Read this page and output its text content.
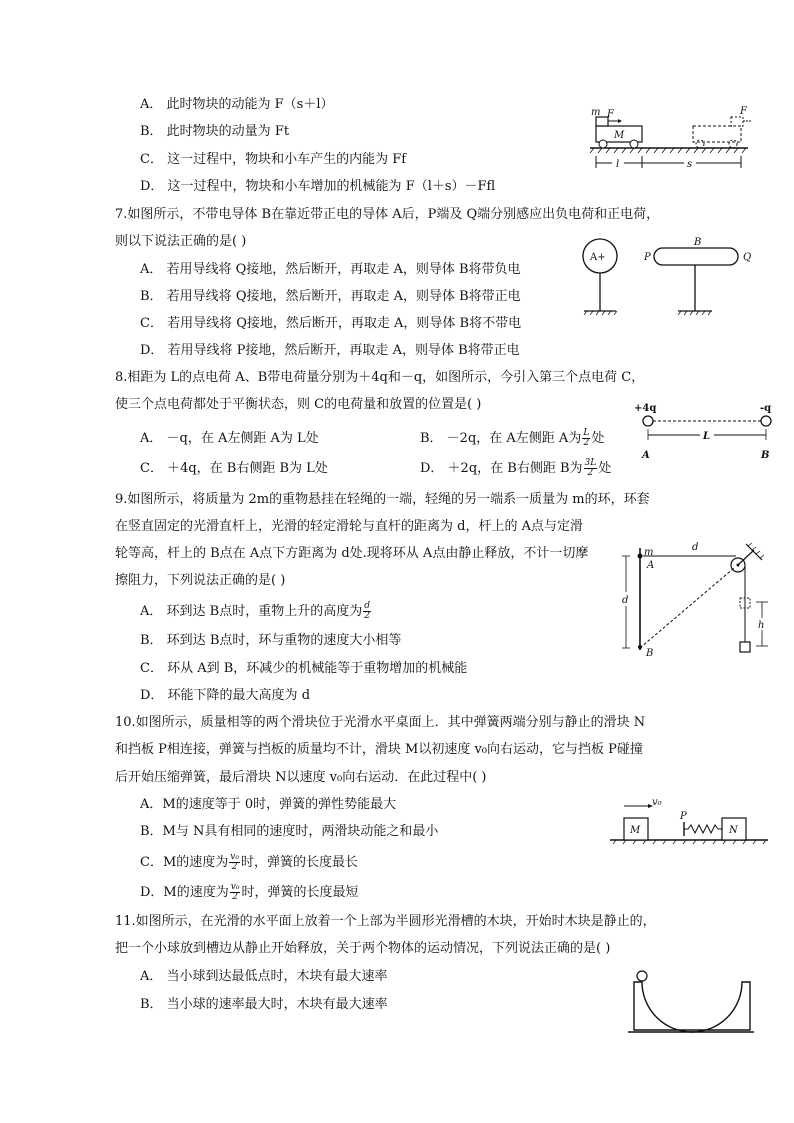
A． 此时物块的动能为 F（s＋l）
B． 此时物块的动量为 Ft
C． 这一过程中，物块和小车产生的内能为 Ff
D． 这一过程中，物块和小车增加的机械能为 F（l＋s）－Ffl
m F
M
F
l	s
7.如图所示，不带电导体 B在靠近带正电的导体 A后，P端及 Q端分别感应出负电荷和正电荷，
则以下说法正确的是( )
A． 若用导线将 Q接地，然后断开，再取走 A，则导体 B将带负电
B． 若用导线将 Q接地，然后断开，再取走 A，则导体 B将带正电
C． 若用导线将 Q接地，然后断开，再取走 A，则导体 B将不带电
D． 若用导线将 P接地，然后断开，再取走 A，则导体 B将带正电
A+	P
B
Q
8.相距为 L的点电荷 A、B带电荷量分别为＋4q和－q，如图所示，今引入第三个点电荷 C，
使三个点电荷都处于平衡状态，则 C的电荷量和放置的位置是( )
A． －q，在 A左侧距 A为 L处	B． －2q，在 A左侧距 A为 $\frac{L}{2}$ 处
C． ＋4q，在 B右侧距 B为 L处	D． ＋2q，在 B右侧距 B为 $\frac{3L}{2}$ 处
+4q	-q
L
A	B
9.如图所示，将质量为 2m的重物悬挂在轻绳的一端，轻绳的另一端系一质量为 m的环，环套
在竖直固定的光滑直杆上，光滑的轻定滑轮与直杆的距离为 d，杆上的 A点与定滑
轮等高，杆上的 B点在 A点下方距离为 d处.现将环从 A点由静止释放，不计一切摩
擦阻力，下列说法正确的是( )
A． 环到达 B点时，重物上升的高度为 $\frac{d}{2}$
B． 环到达 B点时，环与重物的速度大小相等
C． 环从 A到 B，环减少的机械能等于重物增加的机械能
D． 环能下降的最大高度为 d
m	d
A
h
d
B
10.如图所示，质量相等的两个滑块位于光滑水平桌面上．其中弹簧两端分别与静止的滑块 N
和挡板 P相连接，弹簧与挡板的质量均不计，滑块 M以初速度 v₀向右运动，它与挡板 P碰撞
后开始压缩弹簧，最后滑块 N以速度 v₀向右运动．在此过程中( )
A．M的速度等于 0时，弹簧的弹性势能最大
B．M与 N具有相同的速度时，两滑块动能之和最小
C．M的速度为 $\frac{\text{v₀}}{2}$ 时，弹簧的长度最长
D．M的速度为 $\frac{\text{v₀}}{2}$ 时，弹簧的长度最短
M
v₀
P
N
11.如图所示，在光滑的水平面上放着一个上部为半圆形光滑槽的木块，开始时木块是静止的，
把一个小球放到槽边从静止开始释放，关于两个物体的运动情况，下列说法正确的是( )
A． 当小球到达最低点时，木块有最大速率
B． 当小球的速率最大时，木块有最大速率
